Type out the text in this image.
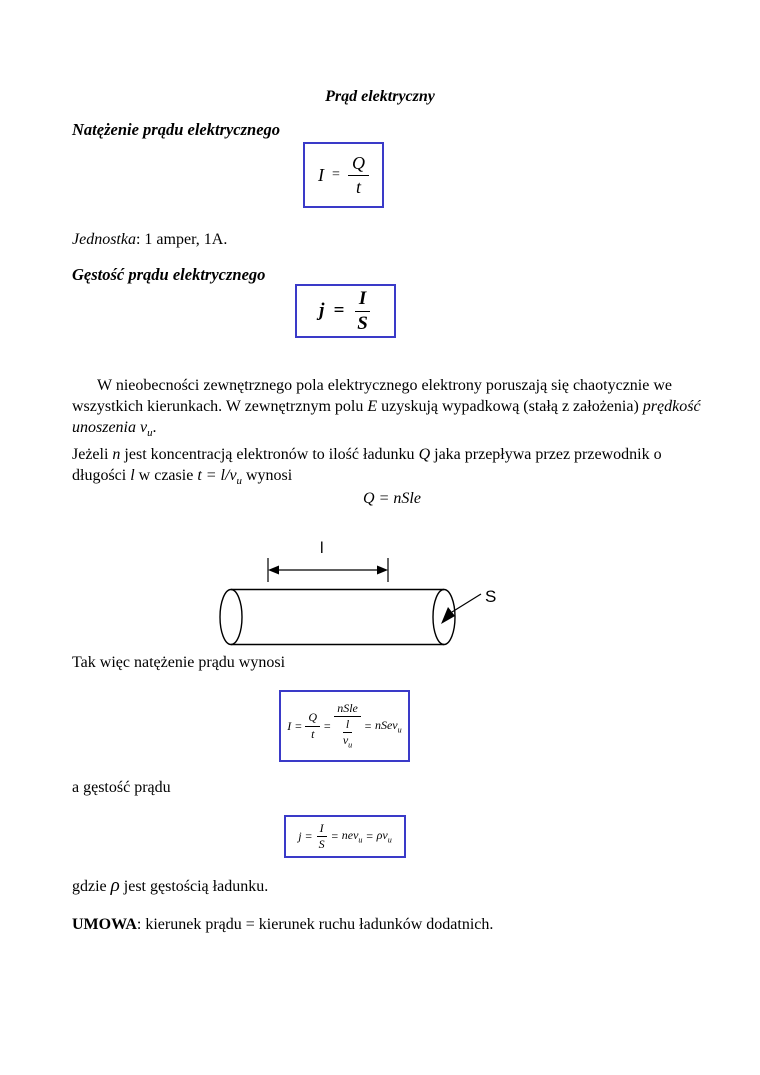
Prąd elektryczny
Natężenie prądu elektrycznego
$I = \frac{Q}{t}$
Jednostka: 1 amper, 1A.
Gęstość prądu elektrycznego
$j = \frac{I}{S}$

W nieobecności zewnętrznego pola elektrycznego elektrony poruszają się chaotycznie we wszystkich kierunkach. W zewnętrznym polu E uzyskują wypadkową (stałą z założenia) prędkość unoszenia $v_u$.

Jeżeli n jest koncentracją elektronów to ilość ładunku Q jaka przepływa przez przewodnik o długości l w czasie $t = l/v_u$ wynosi

Q = nSle
l
S
Tak więc natężenie prądu wynosi
$I = \frac{Q}{t} = \frac{\text{nSle}}{\frac{l}{v_u}}$ = nSev$_u$
a gęstość prądu
$j = \frac{I}{S} = nev_u = \rho v_u$
gdzie ρ jest gęstością ładunku.
UMOWA: kierunek prądu = kierunek ruchu ładunków dodatnich.
